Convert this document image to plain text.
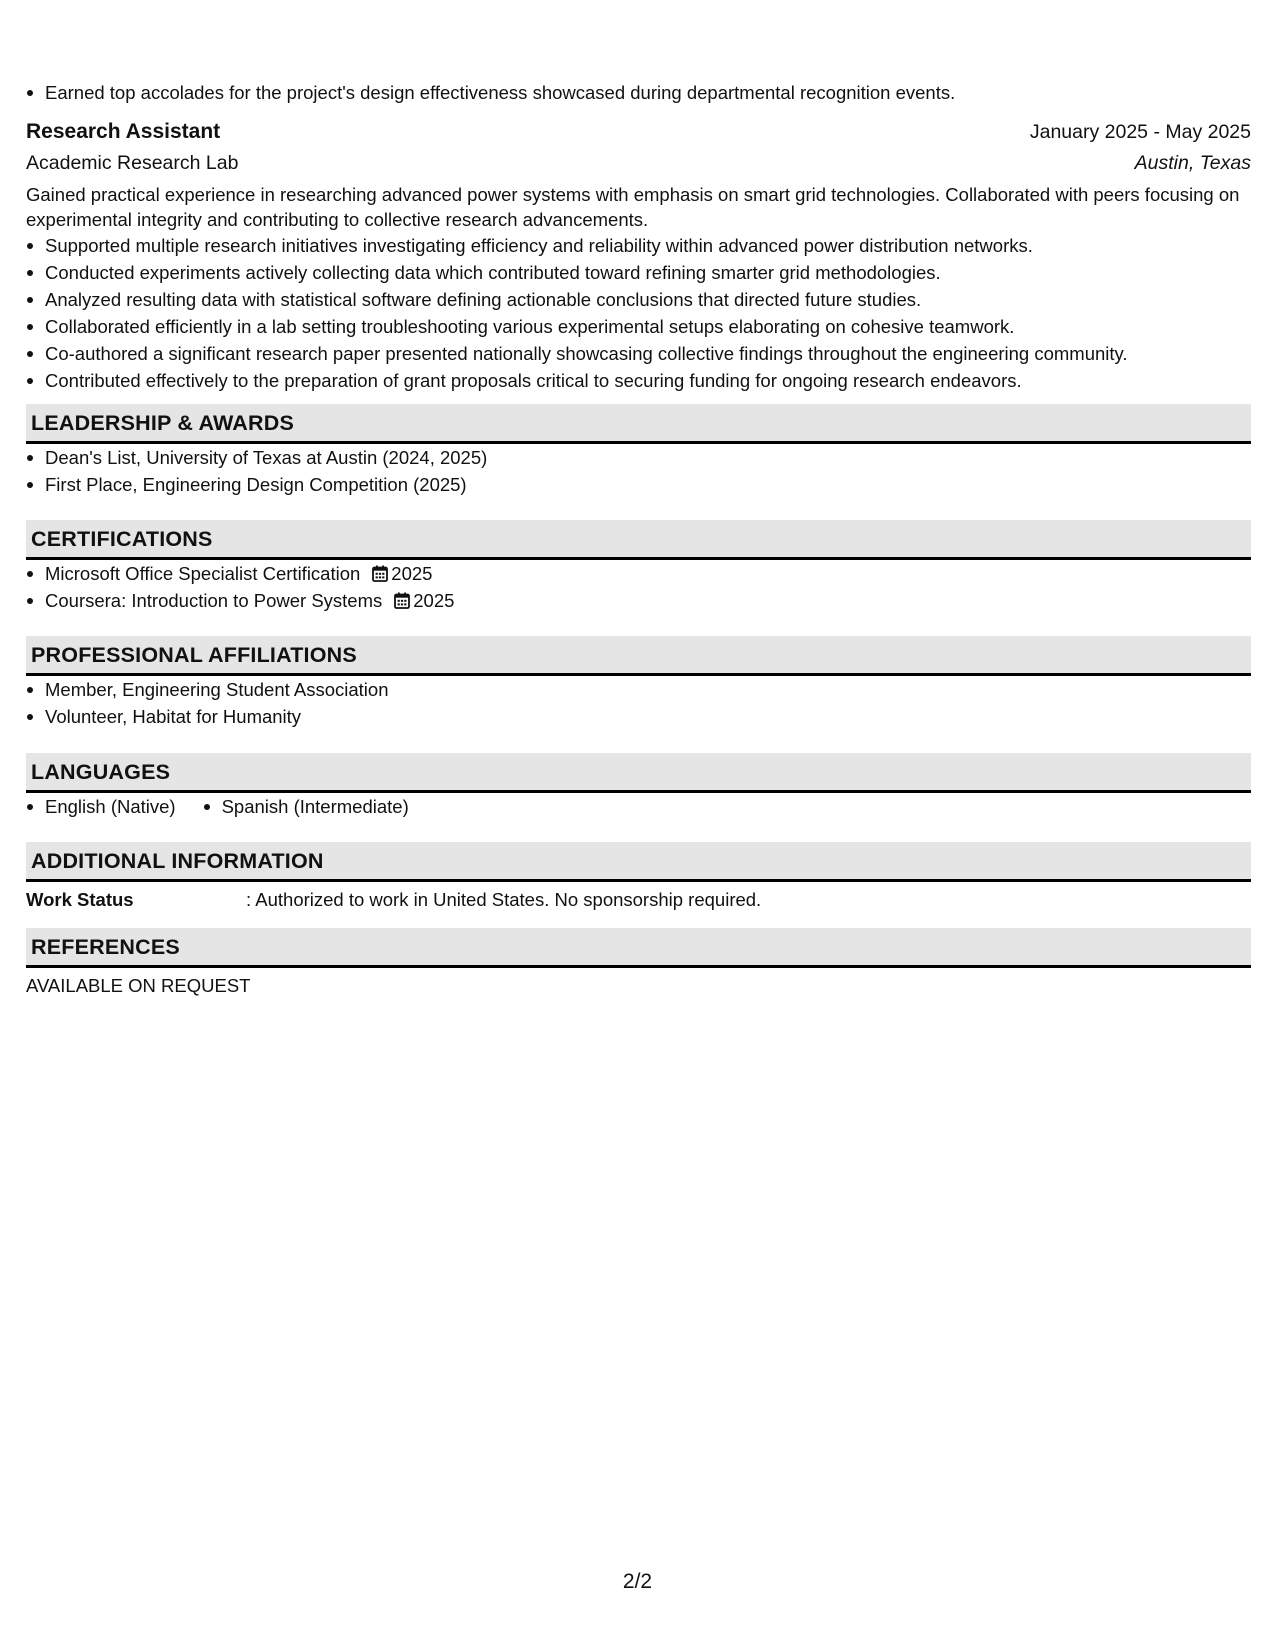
Earned top accolades for the project's design effectiveness showcased during departmental recognition events.
Research Assistant	January 2025 - May 2025
Academic Research Lab	Austin, Texas
Gained practical experience in researching advanced power systems with emphasis on smart grid technologies. Collaborated with peers focusing on experimental integrity and contributing to collective research advancements.
Supported multiple research initiatives investigating efficiency and reliability within advanced power distribution networks.
Conducted experiments actively collecting data which contributed toward refining smarter grid methodologies.
Analyzed resulting data with statistical software defining actionable conclusions that directed future studies.
Collaborated efficiently in a lab setting troubleshooting various experimental setups elaborating on cohesive teamwork.
Co-authored a significant research paper presented nationally showcasing collective findings throughout the engineering community.
Contributed effectively to the preparation of grant proposals critical to securing funding for ongoing research endeavors.
LEADERSHIP & AWARDS
Dean's List, University of Texas at Austin (2024, 2025)
First Place, Engineering Design Competition (2025)
CERTIFICATIONS
Microsoft Office Specialist Certification 2025
Coursera: Introduction to Power Systems 2025
PROFESSIONAL AFFILIATIONS
Member, Engineering Student Association
Volunteer, Habitat for Humanity
LANGUAGES
English (Native)	Spanish (Intermediate)
ADDITIONAL INFORMATION
Work Status	: Authorized to work in United States. No sponsorship required.
REFERENCES
AVAILABLE ON REQUEST
2/2
